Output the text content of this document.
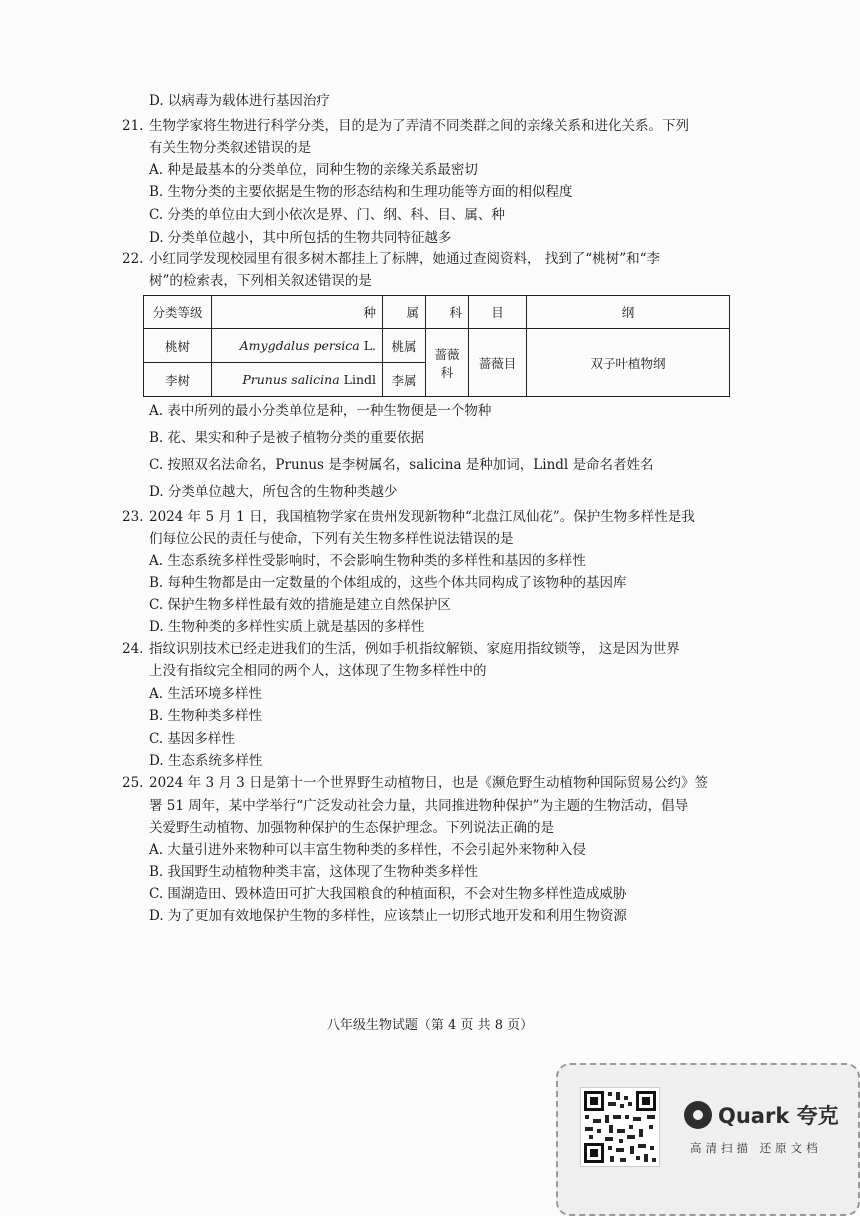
D. 以病毒为载体进行基因治疗
21. 生物学家将生物进行科学分类，目的是为了弄清不同类群之间的亲缘关系和进化关系。下列
有关生物分类叙述错误的是
A. 种是最基本的分类单位，同种生物的亲缘关系最密切
B. 生物分类的主要依据是生物的形态结构和生理功能等方面的相似程度
C. 分类的单位由大到小依次是界、门、纲、科、目、属、种
D. 分类单位越小，其中所包括的生物共同特征越多
22. 小红同学发现校园里有很多树木都挂上了标牌，她通过查阅资料， 找到了“桃树”和“李
树”的检索表，下列相关叙述错误的是
分类等级	种	属	科	目	纲
桃树	Amygdalus persica L.	桃属	蔷薇科	蔷薇目	双子叶植物纲
李树	Prunus salicina Lindl	李属			
A. 表中所列的最小分类单位是种，一种生物便是一个物种
B. 花、果实和种子是被子植物分类的重要依据
C. 按照双名法命名，Prunus 是李树属名，salicina 是种加词，Lindl 是命名者姓名
D. 分类单位越大，所包含的生物种类越少
23. 2024 年 5 月 1 日，我国植物学家在贵州发现新物种“北盘江凤仙花”。保护生物多样性是我
们每位公民的责任与使命，下列有关生物多样性说法错误的是
A. 生态系统多样性受影响时，不会影响生物种类的多样性和基因的多样性
B. 每种生物都是由一定数量的个体组成的，这些个体共同构成了该物种的基因库
C. 保护生物多样性最有效的措施是建立自然保护区
D. 生物种类的多样性实质上就是基因的多样性
24. 指纹识别技术已经走进我们的生活，例如手机指纹解锁、家庭用指纹锁等， 这是因为世界
上没有指纹完全相同的两个人，这体现了生物多样性中的
A. 生活环境多样性
B. 生物种类多样性
C. 基因多样性
D. 生态系统多样性
25. 2024 年 3 月 3 日是第十一个世界野生动植物日，也是《濒危野生动植物种国际贸易公约》签
署 51 周年，某中学举行“广泛发动社会力量，共同推进物种保护”为主题的生物活动，倡导
关爱野生动植物、加强物种保护的生态保护理念。下列说法正确的是
A. 大量引进外来物种可以丰富生物种类的多样性，不会引起外来物种入侵
B. 我国野生动植物种类丰富，这体现了生物种类多样性
C. 围湖造田、毁林造田可扩大我国粮食的种植面积，不会对生物多样性造成威胁
D. 为了更加有效地保护生物的多样性，应该禁止一切形式地开发和利用生物资源
八年级生物试题（第 4 页 共 8 页）
Quark 夸克
高清扫描 还原文档
